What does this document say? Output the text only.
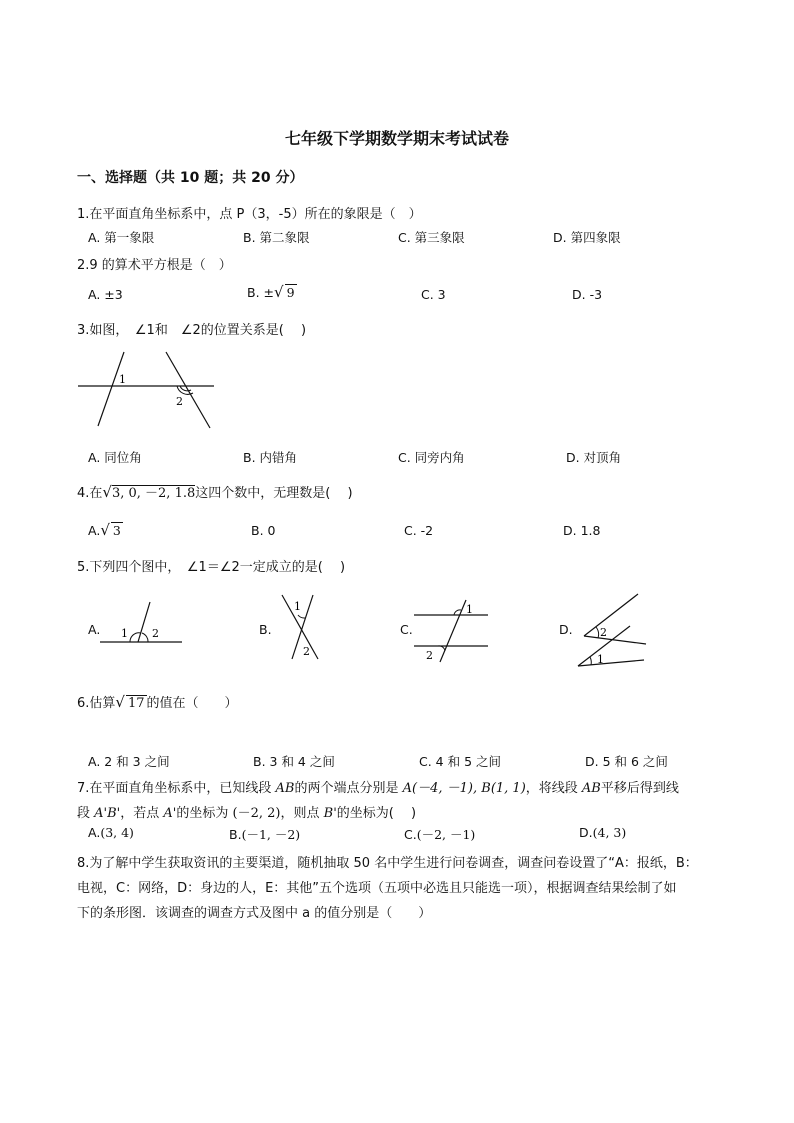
七年级下学期数学期末考试试卷
一、选择题（共 10 题；共 20 分）
1.在平面直角坐标系中，点 P（3，-5）所在的象限是（　）
A. 第一象限	B. 第二象限	C. 第三象限	D. 第四象限
2.9 的算术平方根是（　）
A. ±3	B. ±√ 9	C. 3	D. -3
3.如图，　∠1和　∠2的位置关系是(　 )
1
2
A. 同位角	B. 内错角	C. 同旁内角	D. 对顶角
4.在√3, 0, －2, 1.8这四个数中，无理数是(　 )
A.√ 3	B. 0	C. -2	D. 1.8
5.下列四个图中，　∠1＝∠2一定成立的是(　 )
A. 1 2	B.
1
2
C.
1
2
D. 2
1
6.估算√ 17 的值在（　　）
A. 2 和 3 之间	B. 3 和 4 之间	C. 4 和 5 之间	D. 5 和 6 之间
7.在平面直角坐标系中，已知线段 AB的两个端点分别是 A(－4, －1), B(1, 1)，将线段 AB平移后得到线
段 A'B'，若点 A'的坐标为 (－2, 2)，则点 B'的坐标为(　 )
A.(3, 4)	B.(－1, －2)	C.(－2, －1)	D.(4, 3)
8.为了解中学生获取资讯的主要渠道，随机抽取 50 名中学生进行问卷调查，调查问卷设置了“A：报纸，B：
电视，C：网络，D：身边的人，E：其他”五个选项（五项中必选且只能选一项），根据调查结果绘制了如
下的条形图．该调查的调查方式及图中 a 的值分别是（　　）
